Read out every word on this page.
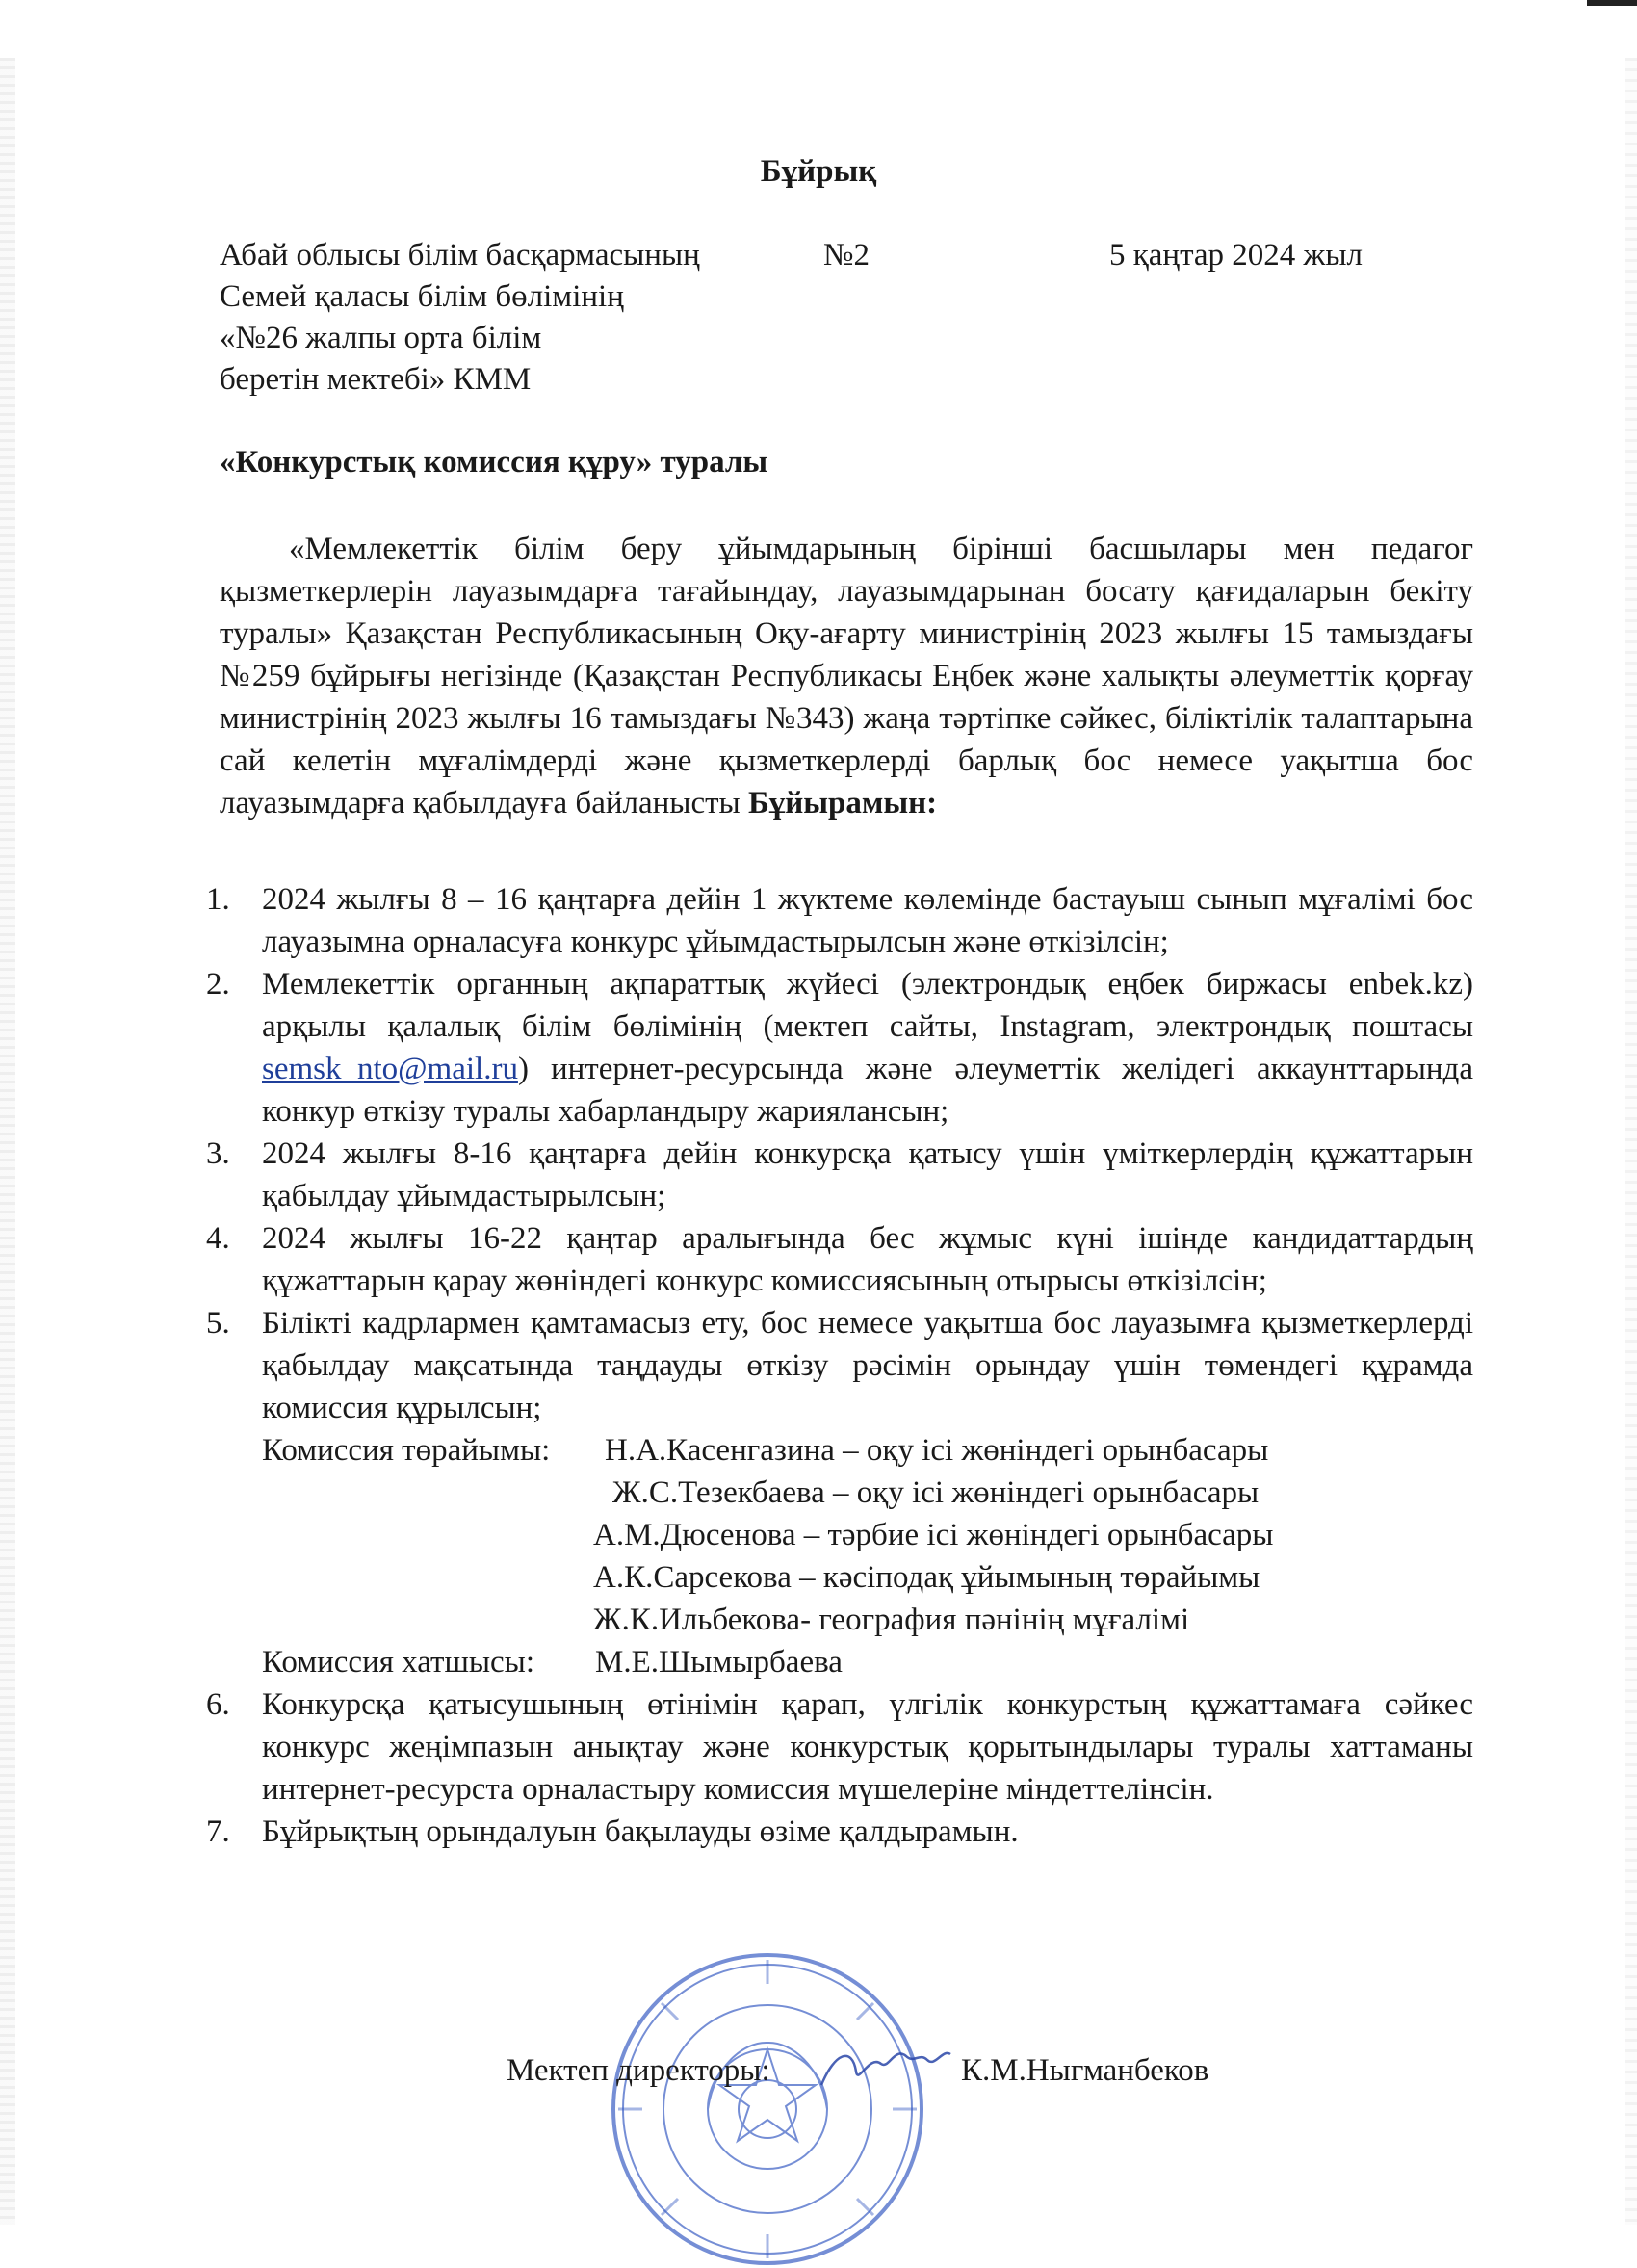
Бұйрық
Абай облысы білім басқармасының
Семей қаласы білім бөлімінің
«№26 жалпы орта білім
беретін мектебі» КММ
№2	5 қаңтар 2024 жыл
«Конкурстық комиссия құру» туралы
«Мемлекеттік білім беру ұйымдарының бірінші басшылары мен педагог қызметкерлерін лауазымдарға тағайындау, лауазымдарынан босату қағидаларын бекіту туралы» Қазақстан Республикасының Оқу-ағарту министрінің 2023 жылғы 15 тамыздағы №259 бұйрығы негізінде (Қазақстан Республикасы Еңбек және халықты әлеуметтік қорғау министрінің 2023 жылғы 16 тамыздағы №343) жаңа тәртіпке сәйкес, біліктілік талаптарына сай келетін мұғалімдерді және қызметкерлерді барлық бос немесе уақытша бос лауазымдарға қабылдауға байланысты Бұйырамын:
1. 2024 жылғы 8 – 16 қаңтарға дейін 1 жүктеме көлемінде бастауыш сынып мұғалімі бос лауазымна орналасуға конкурс ұйымдастырылсын және өткізілсін;
2. Мемлекеттік органның ақпараттық жүйесі (электрондық еңбек биржасы enbek.kz) арқылы қалалық білім бөлімінің (мектеп сайты, Instagram, электрондық поштасы semsk_nto@mail.ru) интернет-ресурсында және әлеуметтік желідегі аккаунттарында конкур өткізу туралы хабарландыру жариялансын;
3. 2024 жылғы 8-16 қаңтарға дейін конкурсқа қатысу үшін үміткерлердің құжаттарын қабылдау ұйымдастырылсын;
4. 2024 жылғы 16-22 қаңтар аралығында бес жұмыс күні ішінде кандидаттардың құжаттарын қарау жөніндегі конкурс комиссиясының отырысы өткізілсін;
5. Білікті кадрлармен қамтамасыз ету, бос немесе уақытша бос лауазымға қызметкерлерді қабылдау мақсатында таңдауды өткізу рәсімін орындау үшін төмендегі құрамда комиссия құрылсын;
Комиссия төрайымы: Н.А.Касенгазина – оқу ісі жөніндегі орынбасары
Ж.С.Тезекбаева – оқу ісі жөніндегі орынбасары
А.М.Дюсенова – тәрбие ісі жөніндегі орынбасары
А.К.Сарсекова – кәсіподақ ұйымының төрайымы
Ж.К.Ильбекова- география пәнінің мұғалімі
Комиссия хатшысы: М.Е.Шымырбаева
6. Конкурсқа қатысушының өтінімін қарап, үлгілік конкурстың құжаттамаға сәйкес конкурс жеңімпазын анықтау және конкурстық қорытындылары туралы хаттаманы интернет-ресурста орналастыру комиссия мүшелеріне міндеттелінсін.
7. Бұйрықтың орындалуын бақылауды өзіме қалдырамын.
Мектеп директоры:	К.М.Ныгманбеков
